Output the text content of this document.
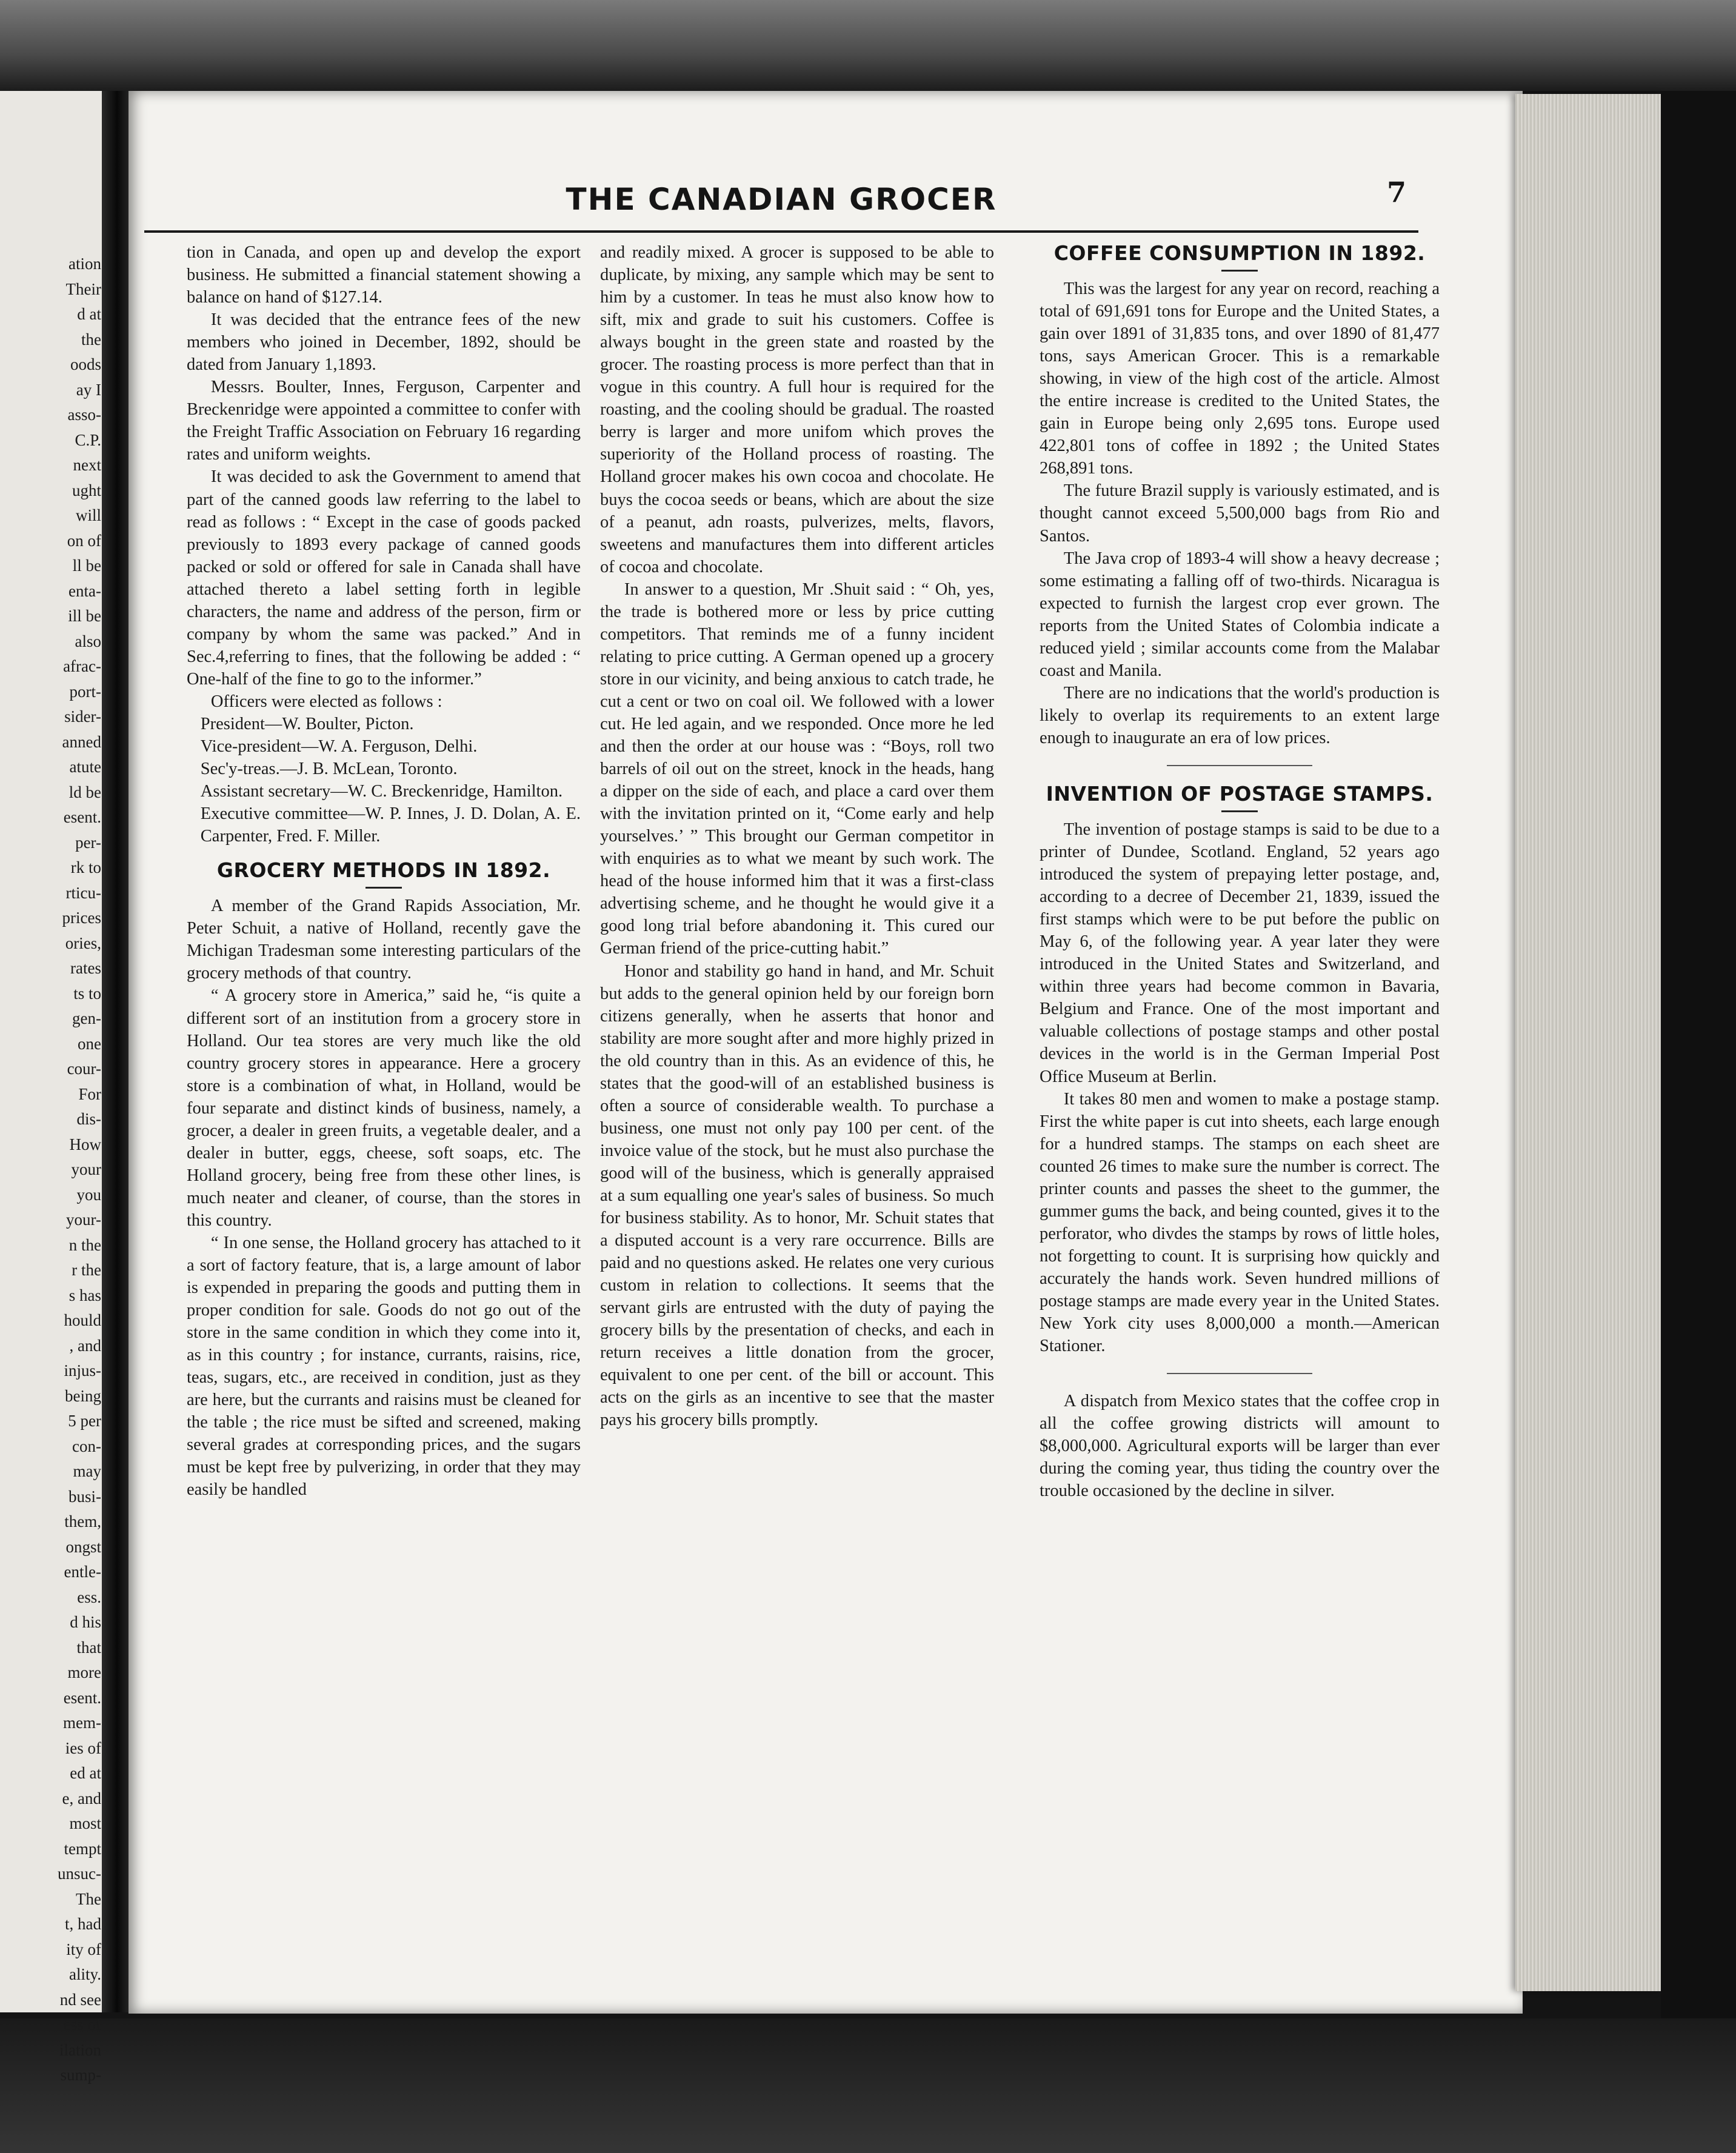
ation
Their
d at
the
oods
ay I
asso-
C.P.
next
ught
will
on of
ll be
enta-
ill be
also
afrac-
port-
sider-
anned
atute
ld be
esent.
per-
rk to
rticu-
prices
ories,
rates
ts to
gen-
one
cour-
For
dis-
How
your
you
your-
n the
r the
s has
hould
, and
injus-
being
5 per
con-
may
busi-
them,
ongst
entle-
ess.
d his
that
more
esent.
mem-
ies of
ed at
e, and
most
tempt
unsuc-
The
t, had
ity of
ality.
nd see
ess of
ilation
sump-
THE CANADIAN GROCER	7

tion in Canada, and open up and develop the export business. He submitted a financial statement showing a balance on hand of $127.14.

It was decided that the entrance fees of the new members who joined in December, 1892, should be dated from January 1,1893.

Messrs. Boulter, Innes, Ferguson, Carpenter and Breckenridge were appointed a committee to confer with the Freight Traffic Association on February 16 regarding rates and uniform weights.

It was decided to ask the Government to amend that part of the canned goods law referring to the label to read as follows : “ Except in the case of goods packed previously to 1893 every package of canned goods packed or sold or offered for sale in Canada shall have attached thereto a label setting forth in legible characters, the name and address of the person, firm or company by whom the same was packed.” And in Sec.4,referring to fines, that the following be added : “ One-half of the fine to go to the informer.”

Officers were elected as follows :

President—W. Boulter, Picton.

Vice-president—W. A. Ferguson, Delhi.

Sec'y-treas.—J. B. McLean, Toronto.

Assistant secretary—W. C. Breckenridge, Hamilton.

Executive committee—W. P. Innes, J. D. Dolan, A. E. Carpenter, Fred. F. Miller.

GROCERY METHODS IN 1892.

A member of the Grand Rapids Association, Mr. Peter Schuit, a native of Holland, recently gave the Michigan Tradesman some interesting particulars of the grocery methods of that country.

“ A grocery store in America,” said he, “is quite a different sort of an institution from a grocery store in Holland. Our tea stores are very much like the old country grocery stores in appearance. Here a grocery store is a combination of what, in Holland, would be four separate and distinct kinds of business, namely, a grocer, a dealer in green fruits, a vegetable dealer, and a dealer in butter, eggs, cheese, soft soaps, etc. The Holland grocery, being free from these other lines, is much neater and cleaner, of course, than the stores in this country.

“ In one sense, the Holland grocery has attached to it a sort of factory feature, that is, a large amount of labor is expended in preparing the goods and putting them in proper condition for sale. Goods do not go out of the store in the same condition in which they come into it, as in this country ; for instance, currants, raisins, rice, teas, sugars, etc., are received in condition, just as they are here, but the currants and raisins must be cleaned for the table ; the rice must be sifted and screened, making several grades at corresponding prices, and the sugars must be kept free by pulverizing, in order that they may easily be handled

and readily mixed. A grocer is supposed to be able to duplicate, by mixing, any sample which may be sent to him by a customer. In teas he must also know how to sift, mix and grade to suit his customers. Coffee is always bought in the green state and roasted by the grocer. The roasting process is more perfect than that in vogue in this country. A full hour is required for the roasting, and the cooling should be gradual. The roasted berry is larger and more unifom which proves the superiority of the Holland process of roasting. The Holland grocer makes his own cocoa and chocolate. He buys the cocoa seeds or beans, which are about the size of a peanut, adn roasts, pulverizes, melts, flavors, sweetens and manufactures them into different articles of cocoa and chocolate.

In answer to a question, Mr .Shuit said : “ Oh, yes, the trade is bothered more or less by price cutting competitors. That reminds me of a funny incident relating to price cutting. A German opened up a grocery store in our vicinity, and being anxious to catch trade, he cut a cent or two on coal oil. We followed with a lower cut. He led again, and we responded. Once more he led and then the order at our house was : “Boys, roll two barrels of oil out on the street, knock in the heads, hang a dipper on the side of each, and place a card over them with the invitation printed on it, “Come early and help yourselves.’ ” This brought our German competitor in with enquiries as to what we meant by such work. The head of the house informed him that it was a first-class advertising scheme, and he thought he would give it a good long trial before abandoning it. This cured our German friend of the price-cutting habit.”

Honor and stability go hand in hand, and Mr. Schuit but adds to the general opinion held by our foreign born citizens generally, when he asserts that honor and stability are more sought after and more highly prized in the old country than in this. As an evidence of this, he states that the good-will of an established business is often a source of considerable wealth. To purchase a business, one must not only pay 100 per cent. of the invoice value of the stock, but he must also purchase the good will of the business, which is generally appraised at a sum equalling one year's sales of business. So much for business stability. As to honor, Mr. Schuit states that a disputed account is a very rare occurrence. Bills are paid and no questions asked. He relates one very curious custom in relation to collections. It seems that the servant girls are entrusted with the duty of paying the grocery bills by the presentation of checks, and each in return receives a little donation from the grocer, equivalent to one per cent. of the bill or account. This acts on the girls as an incentive to see that the master pays his grocery bills promptly.

COFFEE CONSUMPTION IN 1892.

This was the largest for any year on record, reaching a total of 691,691 tons for Europe and the United States, a gain over 1891 of 31,835 tons, and over 1890 of 81,477 tons, says American Grocer. This is a remarkable showing, in view of the high cost of the article. Almost the entire increase is credited to the United States, the gain in Europe being only 2,695 tons. Europe used 422,801 tons of coffee in 1892 ; the United States 268,891 tons.

The future Brazil supply is variously estimated, and is thought cannot exceed 5,500,000 bags from Rio and Santos.

The Java crop of 1893-4 will show a heavy decrease ; some estimating a falling off of two-thirds. Nicaragua is expected to furnish the largest crop ever grown. The reports from the United States of Colombia indicate a reduced yield ; similar accounts come from the Malabar coast and Manila.

There are no indications that the world's production is likely to overlap its requirements to an extent large enough to inaugurate an era of low prices.

INVENTION OF POSTAGE STAMPS.

The invention of postage stamps is said to be due to a printer of Dundee, Scotland. England, 52 years ago introduced the system of prepaying letter postage, and, according to a decree of December 21, 1839, issued the first stamps which were to be put before the public on May 6, of the following year. A year later they were introduced in the United States and Switzerland, and within three years had become common in Bavaria, Belgium and France. One of the most important and valuable collections of postage stamps and other postal devices in the world is in the German Imperial Post Office Museum at Berlin.

It takes 80 men and women to make a postage stamp. First the white paper is cut into sheets, each large enough for a hundred stamps. The stamps on each sheet are counted 26 times to make sure the number is correct. The printer counts and passes the sheet to the gummer, the gummer gums the back, and being counted, gives it to the perforator, who divdes the stamps by rows of little holes, not forgetting to count. It is surprising how quickly and accurately the hands work. Seven hundred millions of postage stamps are made every year in the United States. New York city uses 8,000,000 a month.—American Stationer.

A dispatch from Mexico states that the coffee crop in all the coffee growing districts will amount to $8,000,000. Agricultural exports will be larger than ever during the coming year, thus tiding the country over the trouble occasioned by the decline in silver.
